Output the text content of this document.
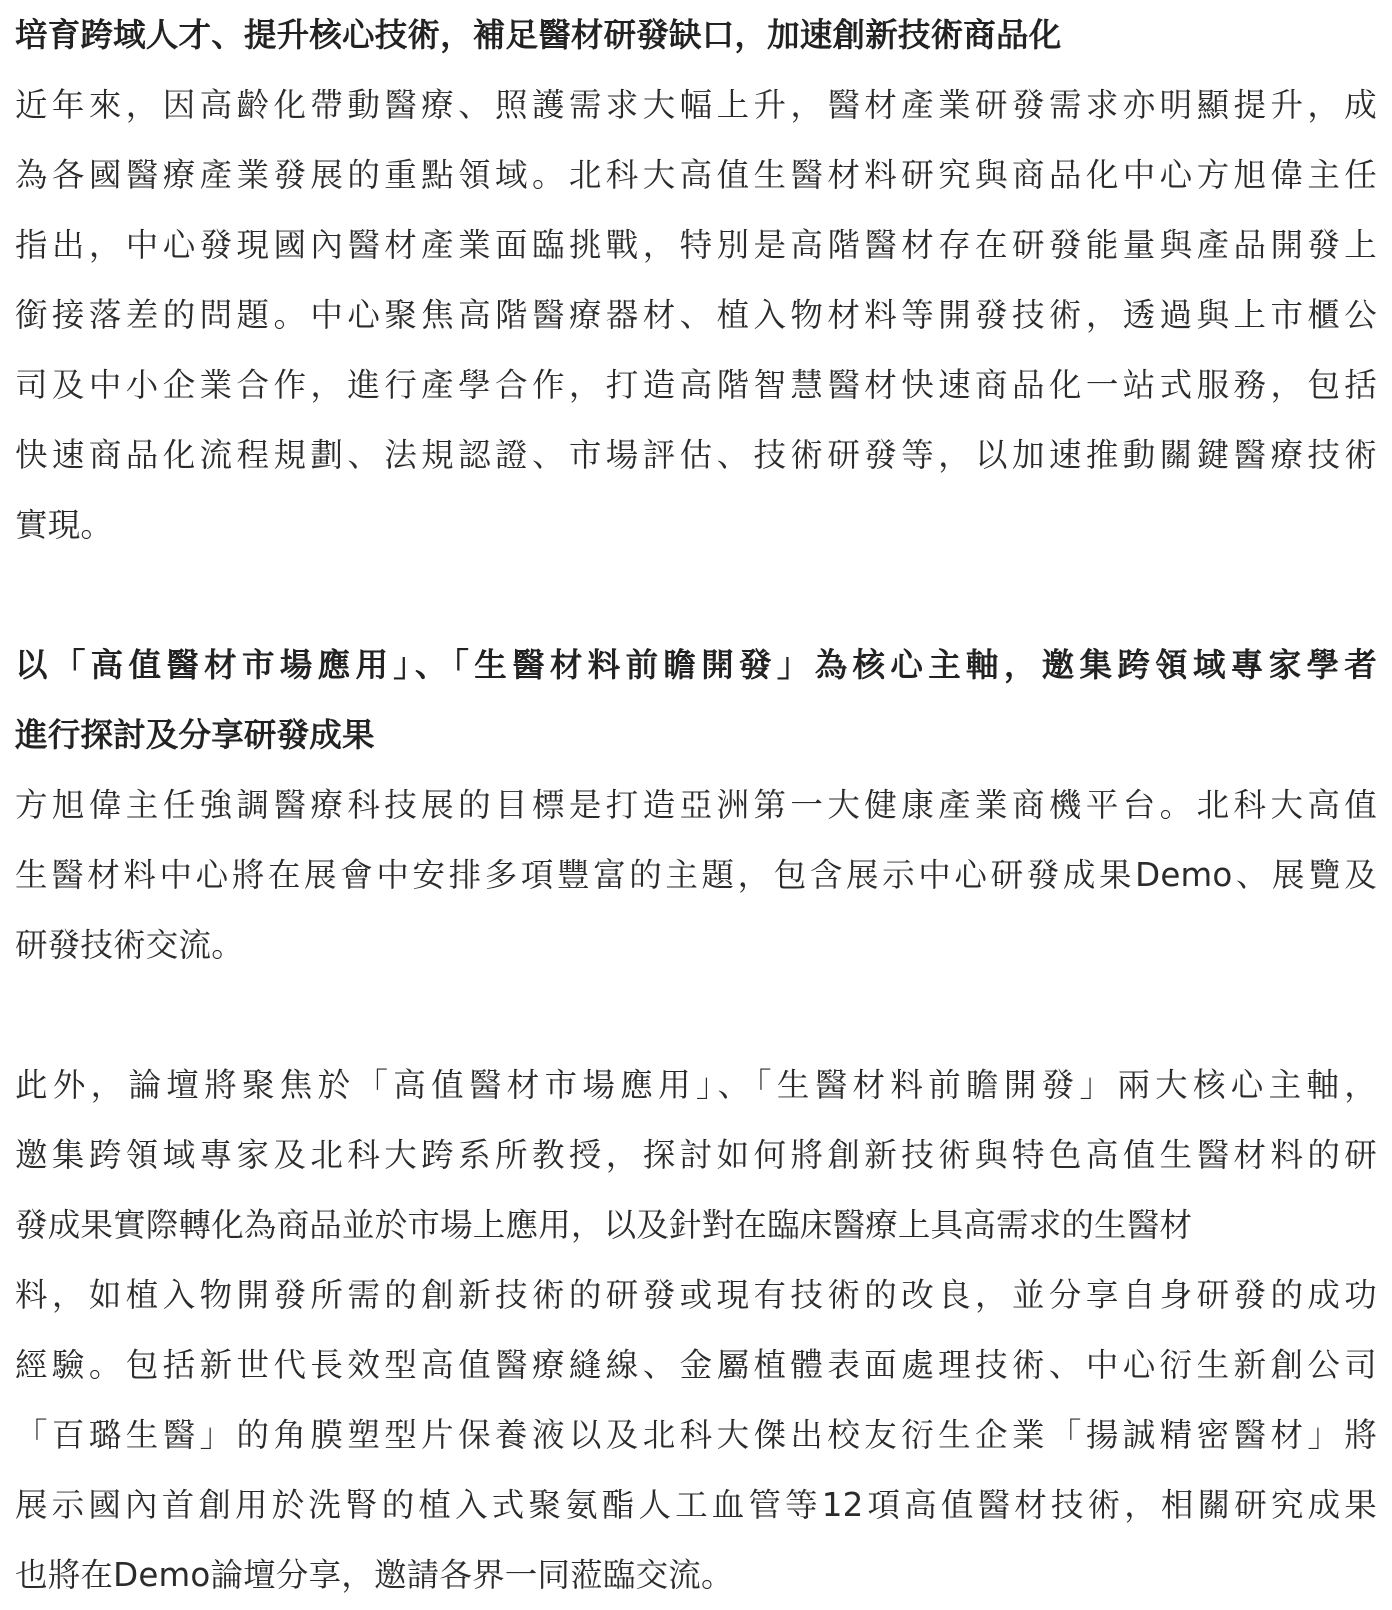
培育跨域人才、提升核心技術，補足醫材研發缺口，加速創新技術商品化
近年來，因高齡化帶動醫療、照護需求大幅上升，醫材產業研發需求亦明顯提升，成
為各國醫療產業發展的重點領域。北科大高值生醫材料研究與商品化中心方旭偉主任
指出，中心發現國內醫材產業面臨挑戰，特別是高階醫材存在研發能量與產品開發上
銜接落差的問題。中心聚焦高階醫療器材、植入物材料等開發技術，透過與上市櫃公
司及中小企業合作，進行產學合作，打造高階智慧醫材快速商品化一站式服務，包括
快速商品化流程規劃、法規認證、市場評估、技術研發等，以加速推動關鍵醫療技術
實現。
以「高值醫材市場應用」、「生醫材料前瞻開發」為核心主軸，邀集跨領域專家學者
進行探討及分享研發成果
方旭偉主任強調醫療科技展的目標是打造亞洲第一大健康產業商機平台。北科大高值
生醫材料中心將在展會中安排多項豐富的主題，包含展示中心研發成果Demo、展覽及
研發技術交流。
此外，論壇將聚焦於「高值醫材市場應用」、「生醫材料前瞻開發」兩大核心主軸，
邀集跨領域專家及北科大跨系所教授，探討如何將創新技術與特色高值生醫材料的研
發成果實際轉化為商品並於市場上應用，以及針對在臨床醫療上具高需求的生醫材
料，如植入物開發所需的創新技術的研發或現有技術的改良，並分享自身研發的成功
經驗。包括新世代長效型高值醫療縫線、金屬植體表面處理技術、中心衍生新創公司
「百璐生醫」的角膜塑型片保養液以及北科大傑出校友衍生企業「揚誠精密醫材」將
展示國內首創用於洗腎的植入式聚氨酯人工血管等12項高值醫材技術，相關研究成果
也將在Demo論壇分享，邀請各界一同蒞臨交流。
